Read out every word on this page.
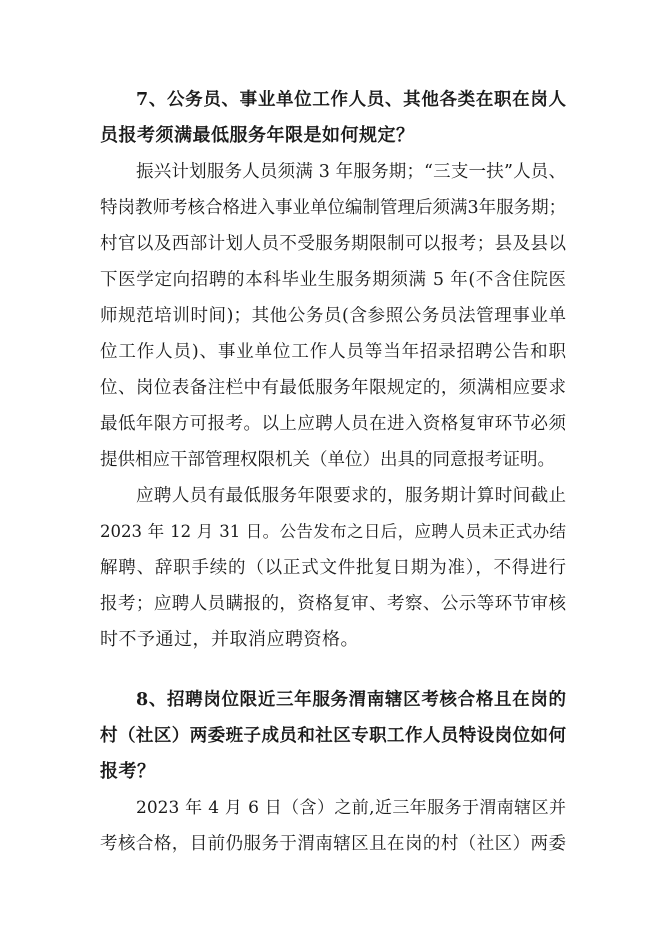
7、公务员、事业单位工作人员、其他各类在职在岗人
员报考须满最低服务年限是如何规定？
振兴计划服务人员须满 3 年服务期；“三支一扶”人员、
特岗教师考核合格进入事业单位编制管理后须满3年服务期；
村官以及西部计划人员不受服务期限制可以报考；县及县以
下医学定向招聘的本科毕业生服务期须满 5 年(不含住院医
师规范培训时间)；其他公务员(含参照公务员法管理事业单
位工作人员)、事业单位工作人员等当年招录招聘公告和职
位、岗位表备注栏中有最低服务年限规定的，须满相应要求
最低年限方可报考。以上应聘人员在进入资格复审环节必须
提供相应干部管理权限机关（单位）出具的同意报考证明。
应聘人员有最低服务年限要求的，服务期计算时间截止
2023 年 12 月 31 日。公告发布之日后，应聘人员未正式办结
解聘、辞职手续的（以正式文件批复日期为准），不得进行
报考；应聘人员瞒报的，资格复审、考察、公示等环节审核
时不予通过，并取消应聘资格。
8、招聘岗位限近三年服务渭南辖区考核合格且在岗的
村（社区）两委班子成员和社区专职工作人员特设岗位如何
报考？
2023 年 4 月 6 日（含）之前,近三年服务于渭南辖区并
考核合格，目前仍服务于渭南辖区且在岗的村（社区）两委
